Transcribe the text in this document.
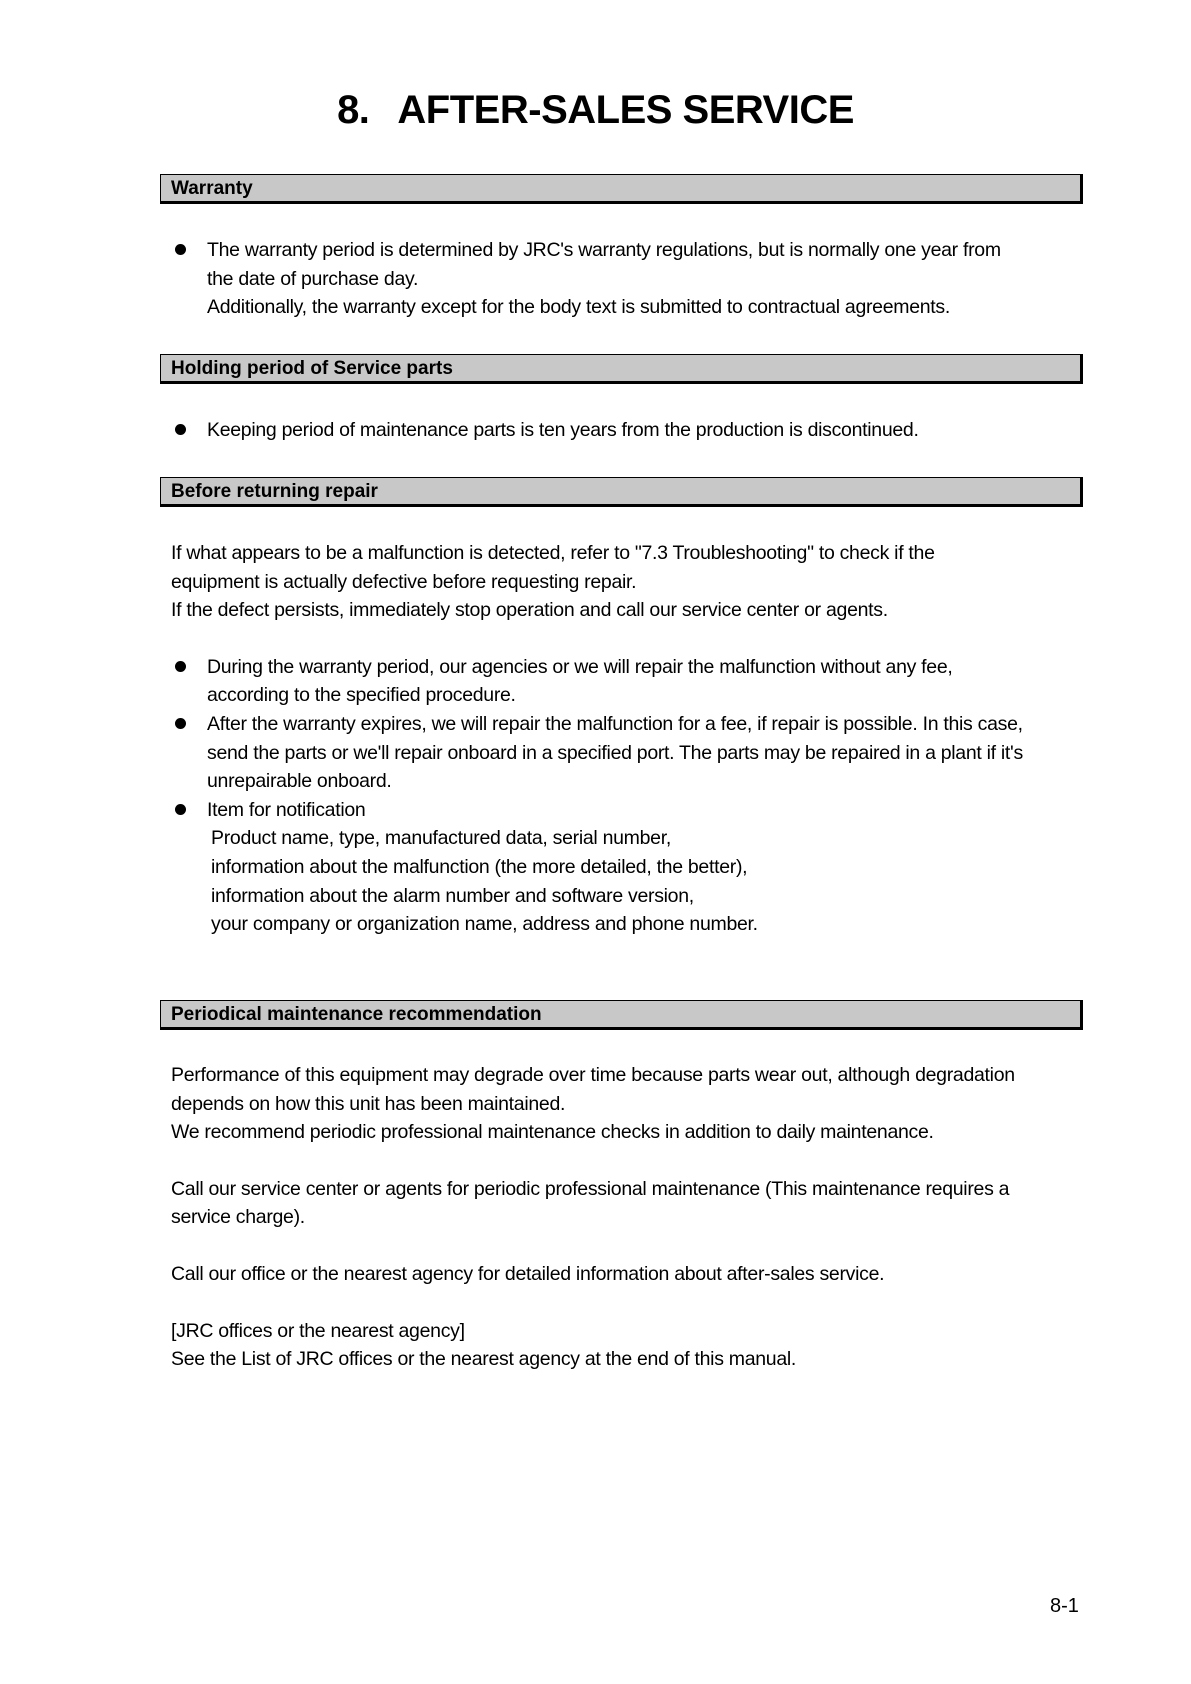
8. AFTER-SALES SERVICE
Warranty
The warranty period is determined by JRC's warranty regulations, but is normally one year from
the date of purchase day.
Additionally, the warranty except for the body text is submitted to contractual agreements.
Holding period of Service parts
Keeping period of maintenance parts is ten years from the production is discontinued.
Before returning repair
If what appears to be a malfunction is detected, refer to "7.3 Troubleshooting" to check if the
equipment is actually defective before requesting repair.
If the defect persists, immediately stop operation and call our service center or agents.
During the warranty period, our agencies or we will repair the malfunction without any fee,
according to the specified procedure.
After the warranty expires, we will repair the malfunction for a fee, if repair is possible. In this case,
send the parts or we'll repair onboard in a specified port. The parts may be repaired in a plant if it's
unrepairable onboard.
Item for notification
Product name, type, manufactured data, serial number,
information about the malfunction (the more detailed, the better),
information about the alarm number and software version,
your company or organization name, address and phone number.
Periodical maintenance recommendation
Performance of this equipment may degrade over time because parts wear out, although degradation
depends on how this unit has been maintained.
We recommend periodic professional maintenance checks in addition to daily maintenance.
Call our service center or agents for periodic professional maintenance (This maintenance requires a
service charge).
Call our office or the nearest agency for detailed information about after-sales service.
[JRC offices or the nearest agency]
See the List of JRC offices or the nearest agency at the end of this manual.
8-1
